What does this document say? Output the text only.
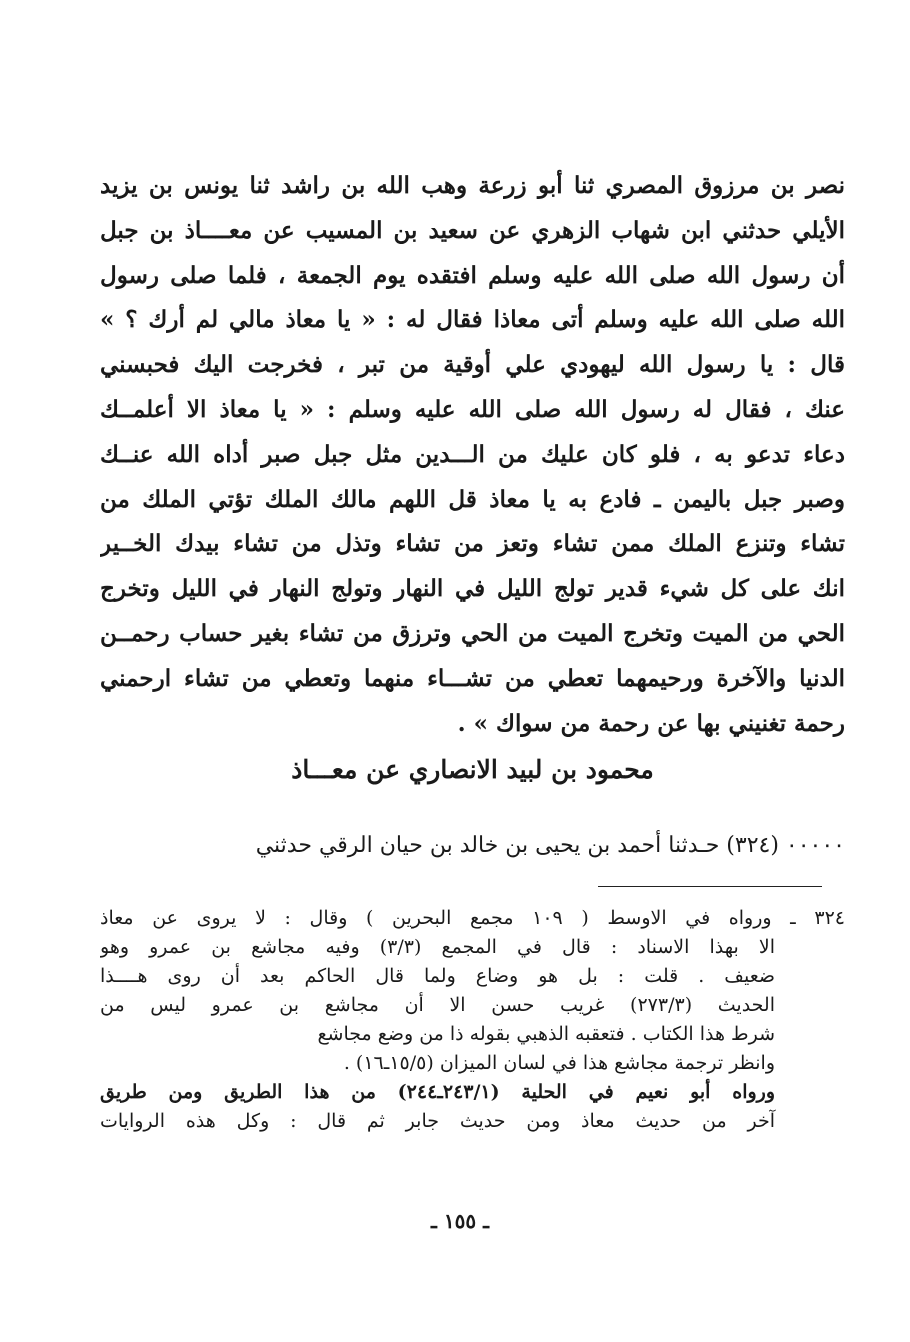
نصر بن مرزوق المصري ثنا أبو زرعة وهب الله بن راشد ثنا يونس بن يزيد
الأيلي حدثني ابن شهاب الزهري عن سعيد بن المسيب عن معــــاذ بن جبل
أن رسول الله صلى الله عليه وسلم افتقده يوم الجمعة ، فلما صلى رسول
الله صلى الله عليه وسلم أتى معاذا فقال له : « يا معاذ مالي لم أرك ؟ »
قال : يا رسول الله ليهودي علي أوقية من تبر ، فخرجت اليك فحبسني
عنك ، فقال له رسول الله صلى الله عليه وسلم : « يا معاذ الا أعلمــك
دعاء تدعو به ، فلو كان عليك من الـــدين مثل جبل صبر أداه الله عنــك
وصبر جبل باليمن ـ فادع به يا معاذ قل اللهم مالك الملك تؤتي الملك من
تشاء وتنزع الملك ممن تشاء وتعز من تشاء وتذل من تشاء بيدك الخــير
انك على كل شيء قدير تولج الليل في النهار وتولج النهار في الليل وتخرج
الحي من الميت وتخرج الميت من الحي وترزق من تشاء بغير حساب رحمــن
الدنيا والآخرة ورحيمهما تعطي من تشـــاء منهما وتعطي من تشاء ارحمني
رحمة تغنيني بها عن رحمة من سواك » .
محمود بن لبيد الانصاري عن معـــاذ
٠٠٠٠٠ (٣٢٤) حـدثنا أحمد بن يحيى بن خالد بن حيان الرقي حدثني
٣٢٤ ـ ورواه في الاوسط ( ١٠٩ مجمع البحرين ) وقال : لا يروى عن معاذ
الا بهذا الاسناد : قال في المجمع (٣/٣) وفيه مجاشع بن عمرو وهو
ضعيف . قلت : بل هو وضاع ولما قال الحاكم بعد أن روى هــــذا
الحديث (٢٧٣/٣) غريب حسن الا أن مجاشع بن عمرو ليس من
شرط هذا الكتاب . فتعقبه الذهبي بقوله ذا من وضع مجاشع
وانظر ترجمة مجاشع هذا في لسان الميزان (١٥/٥ـ١٦) .
ورواه أبو نعيم في الحلية (٢٤٣/١ـ٢٤٤) من هذا الطريق ومن طريق
آخر من حديث معاذ ومن حديث جابر ثم قال : وكل هذه الروايات
ـ ١٥٥ ـ
